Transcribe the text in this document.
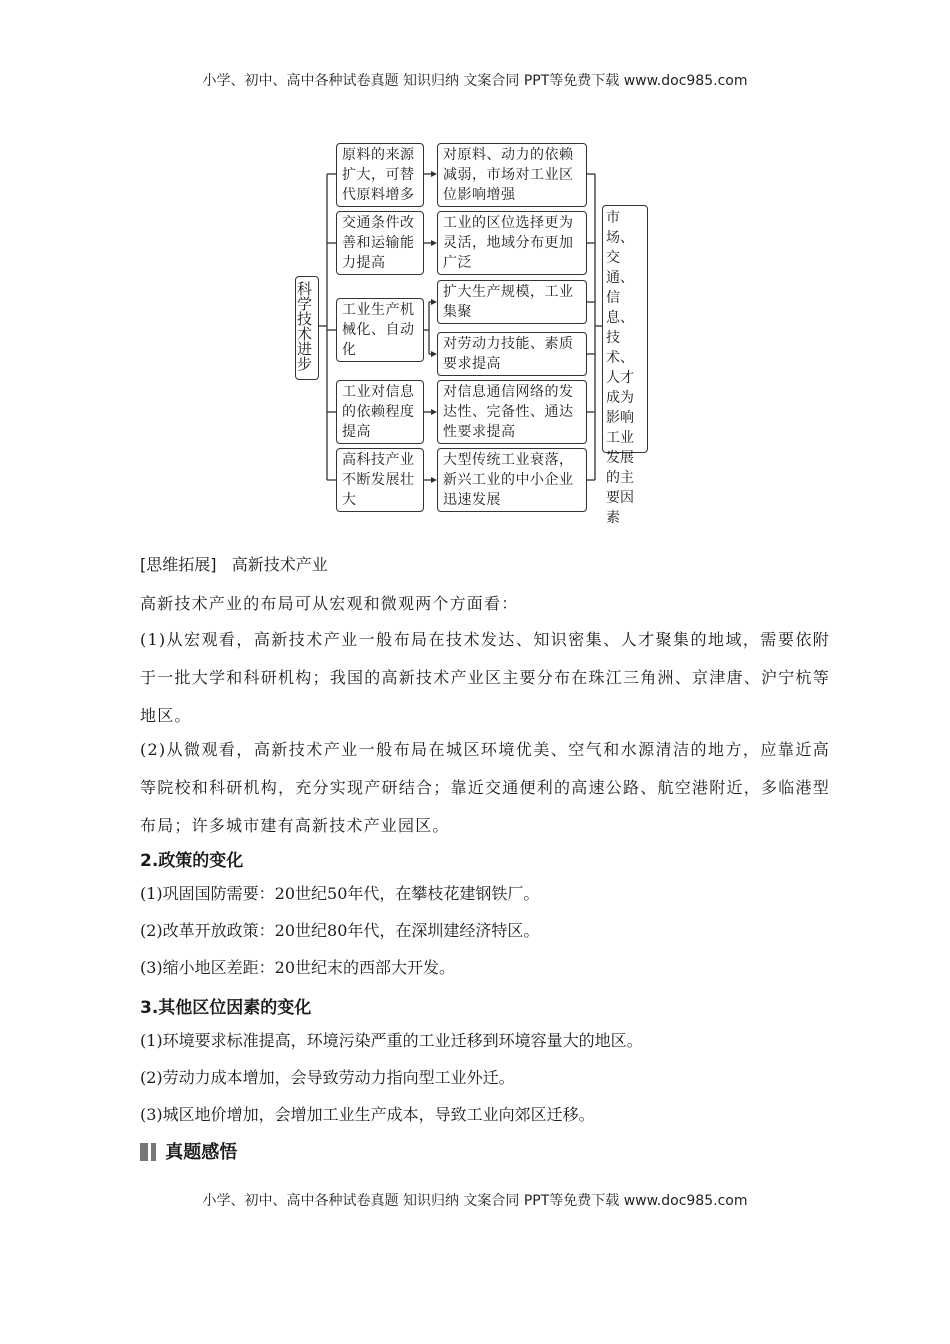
小学、初中、高中各种试卷真题 知识归纳 文案合同 PPT等免费下载 www.doc985.com
科学技术进步
原料的来源扩大，可替代原料增多
交通条件改善和运输能力提高
工业生产机械化、自动化
工业对信息的依赖程度提高
高科技产业不断发展壮大
对原料、动力的依赖减弱，市场对工业区位影响增强
工业的区位选择更为灵活，地域分布更加广泛
扩大生产规模，工业集聚
对劳动力技能、素质要求提高
对信息通信网络的发达性、完备性、通达性要求提高
大型传统工业衰落，新兴工业的中小企业迅速发展
市场、交通、信息、技术、人才成为影响工业发展的主要因素
[思维拓展] 高新技术产业
高新技术产业的布局可从宏观和微观两个方面看：
(1)从宏观看，高新技术产业一般布局在技术发达、知识密集、人才聚集的地域，需要依附于一批大学和科研机构；我国的高新技术产业区主要分布在珠江三角洲、京津唐、沪宁杭等地区。
(2)从微观看，高新技术产业一般布局在城区环境优美、空气和水源清洁的地方，应靠近高等院校和科研机构，充分实现产研结合；靠近交通便利的高速公路、航空港附近，多临港型布局；许多城市建有高新技术产业园区。
2.政策的变化
(1)巩固国防需要：20世纪50年代，在攀枝花建钢铁厂。
(2)改革开放政策：20世纪80年代，在深圳建经济特区。
(3)缩小地区差距：20世纪末的西部大开发。
3.其他区位因素的变化
(1)环境要求标准提高，环境污染严重的工业迁移到环境容量大的地区。
(2)劳动力成本增加，会导致劳动力指向型工业外迁。
(3)城区地价增加，会增加工业生产成本，导致工业向郊区迁移。
真题感悟
小学、初中、高中各种试卷真题 知识归纳 文案合同 PPT等免费下载 www.doc985.com
